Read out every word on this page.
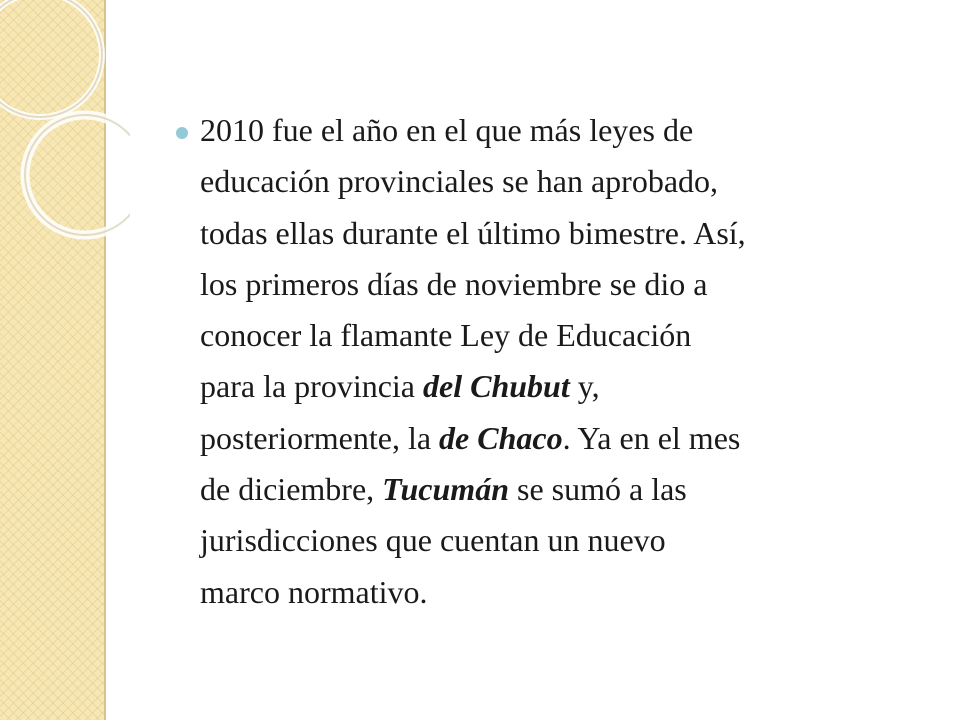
2010 fue el año en el que más leyes de
educación provinciales se han aprobado,
todas ellas durante el último bimestre. Así,
los primeros días de noviembre se dio a
conocer la flamante Ley de Educación
para la provincia del Chubut y,
posteriormente, la de Chaco. Ya en el mes
de diciembre, Tucumán se sumó a las
jurisdicciones que cuentan un nuevo
marco normativo.
